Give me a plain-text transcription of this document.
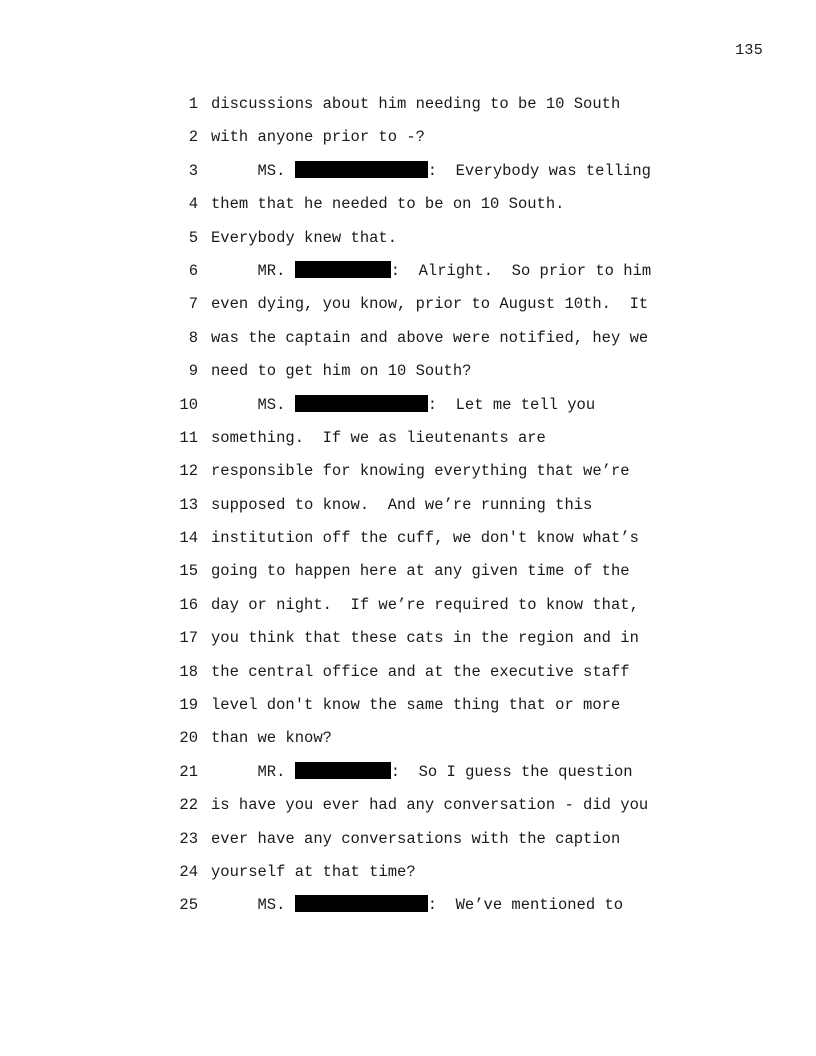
135
1 discussions about him needing to be 10 South
2 with anyone prior to -?
3     MS.	:  Everybody was telling
4 them that he needed to be on 10 South.
5 Everybody knew that.
6     MR.	:  Alright.  So prior to him
7 even dying, you know, prior to August 10th.  It
8 was the captain and above were notified, hey we
9 need to get him on 10 South?
10     MS.	:  Let me tell you
11 something.  If we as lieutenants are
12 responsible for knowing everything that we’re
13 supposed to know.  And we’re running this
14 institution off the cuff, we don't know what’s
15 going to happen here at any given time of the
16 day or night.  If we’re required to know that,
17 you think that these cats in the region and in
18 the central office and at the executive staff
19 level don't know the same thing that or more
20 than we know?
21     MR.	:  So I guess the question
22 is have you ever had any conversation - did you
23 ever have any conversations with the caption
24 yourself at that time?
25     MS.	:  We’ve mentioned to
